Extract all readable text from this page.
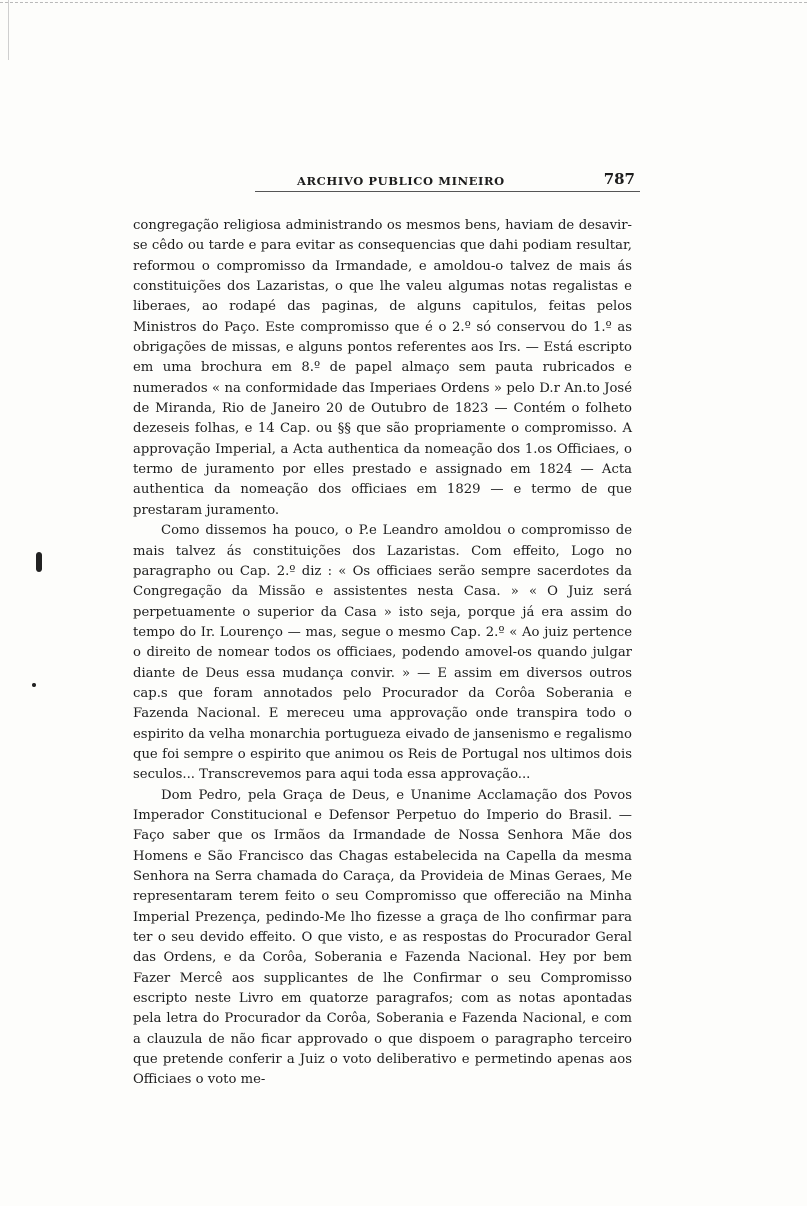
ARCHIVO PUBLICO MINEIRO	787

congregação religiosa administrando os mesmos bens, haviam de desavir-se cêdo ou tarde e para evitar as consequencias que dahi podiam resultar, reformou o compromisso da Irmandade, e amoldou-o talvez de mais ás constituições dos Lazaristas, o que lhe valeu algumas notas regalistas e liberaes, ao rodapé das paginas, de alguns capitulos, feitas pelos Ministros do Paço. Este compromisso que é o 2.º só conservou do 1.º as obrigações de missas, e alguns pontos referentes aos Irs. — Está escripto em uma brochura em 8.º de papel almaço sem pauta rubricados e numerados « na conformidade das Imperiaes Ordens » pelo D.r An.to José de Miranda, Rio de Janeiro 20 de Outubro de 1823 — Contém o folheto dezeseis folhas, e 14 Cap. ou §§ que são propriamente o compromisso. A approvação Imperial, a Acta authentica da nomeação dos 1.os Officiaes, o termo de juramento por elles prestado e assignado em 1824 — Acta authentica da nomeação dos officiaes em 1829 — e termo de que prestaram juramento.

Como dissemos ha pouco, o P.e Leandro amoldou o compromisso de mais talvez ás constituições dos Lazaristas. Com effeito, Logo no paragrapho ou Cap. 2.º diz : « Os officiaes serão sempre sacerdotes da Congregação da Missão e assistentes nesta Casa. » « O Juiz será perpetuamente o superior da Casa » isto seja, porque já era assim do tempo do Ir. Lourenço — mas, segue o mesmo Cap. 2.º « Ao juiz pertence o direito de nomear todos os officiaes, podendo amovel-os quando julgar diante de Deus essa mudança convir. » — E assim em diversos outros cap.s que foram annotados pelo Procurador da Corôa Soberania e Fazenda Nacional. E mereceu uma approvação onde transpira todo o espirito da velha monarchia portugueza eivado de jansenismo e regalismo que foi sempre o espirito que animou os Reis de Portugal nos ultimos dois seculos... Transcrevemos para aqui toda essa approvação...

Dom Pedro, pela Graça de Deus, e Unanime Acclamação dos Povos Imperador Constitucional e Defensor Perpetuo do Imperio do Brasil. — Faço saber que os Irmãos da Irmandade de Nossa Senhora Mãe dos Homens e São Francisco das Chagas estabelecida na Capella da mesma Senhora na Serra chamada do Caraça, da Provideia de Minas Geraes, Me representaram terem feito o seu Compromisso que offerecião na Minha Imperial Prezença, pedindo-Me lho fizesse a graça de lho confirmar para ter o seu devido effeito. O que visto, e as respostas do Procurador Geral das Ordens, e da Corôa, Soberania e Fazenda Nacional. Hey por bem Fazer Mercê aos supplicantes de lhe Confirmar o seu Compromisso escripto neste Livro em quatorze paragrafos; com as notas apontadas pela letra do Procurador da Corôa, Soberania e Fazenda Nacional, e com a clauzula de não ficar approvado o que dispoem o paragrapho terceiro que pretende conferir a Juiz o voto deliberativo e permetindo apenas aos Officiaes o voto me-
